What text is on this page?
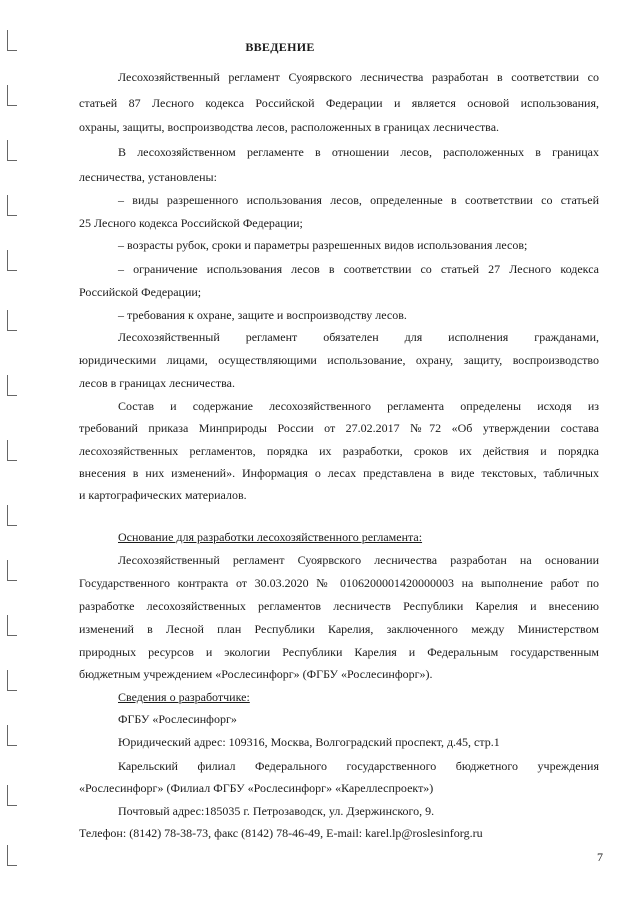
ВВЕДЕНИЕ
Лесохозяйственный регламент Суоярвского лесничества разработан в соответствии со
статьей 87 Лесного кодекса Российской Федерации и является основой использования,
охраны, защиты, воспроизводства лесов, расположенных в границах лесничества.
В лесохозяйственном регламенте в отношении лесов, расположенных в границах
лесничества, установлены:
– виды разрешенного использования лесов, определенные в соответствии со статьей
25 Лесного кодекса Российской Федерации;
– возрасты рубок, сроки и параметры разрешенных видов использования лесов;
– ограничение использования лесов в соответствии со статьей 27 Лесного кодекса
Российской Федерации;
– требования к охране, защите и воспроизводству лесов.
Лесохозяйственный регламент обязателен для исполнения гражданами,
юридическими лицами, осуществляющими использование, охрану, защиту, воспроизводство
лесов в границах лесничества.
Состав и содержание лесохозяйственного регламента определены исходя из
требований приказа Минприроды России от 27.02.2017 №72 «Об утверждении состава
лесохозяйственных регламентов, порядка их разработки, сроков их действия и порядка
внесения в них изменений». Информация о лесах представлена в виде текстовых, табличных
и картографических материалов.
Основание для разработки лесохозяйственного регламента:
Лесохозяйственный регламент Суоярвского лесничества разработан на основании
Государственного контракта от 30.03.2020 № 0106200001420000003 на выполнение работ по
разработке лесохозяйственных регламентов лесничеств Республики Карелия и внесению
изменений в Лесной план Республики Карелия, заключенного между Министерством
природных ресурсов и экологии Республики Карелия и Федеральным государственным
бюджетным учреждением «Рослесинфорг» (ФГБУ «Рослесинфорг»).
Сведения о разработчике:
ФГБУ «Рослесинфорг»
Юридический адрес: 109316, Москва, Волгоградский проспект, д.45, стр.1
Карельский филиал Федерального государственного бюджетного учреждения
«Рослесинфорг» (Филиал ФГБУ «Рослесинфорг» «Кареллеспроект»)
Почтовый адрес:185035 г. Петрозаводск, ул. Дзержинского, 9.
Телефон: (8142) 78-38-73, факс (8142) 78-46-49, E-mail: karel.lp@roslesinforg.ru
7
